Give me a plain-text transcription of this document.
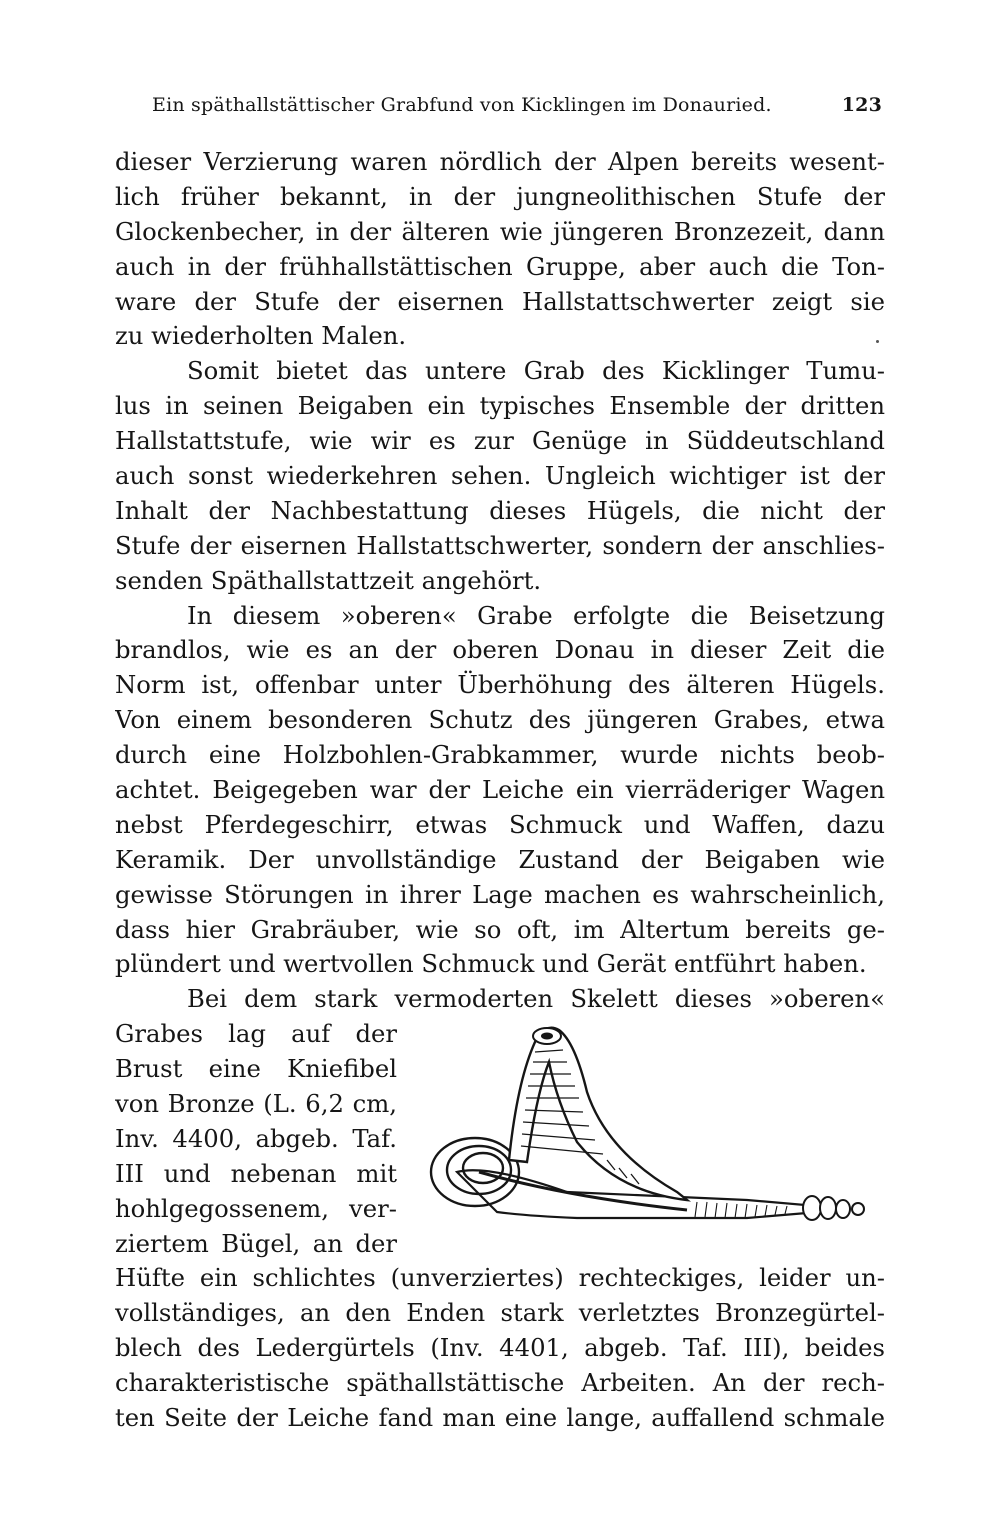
Ein späthallstättischer Grabfund von Kicklingen im Donauried.	123
dieser Verzierung waren nördlich der Alpen bereits wesent-
lich früher bekannt, in der jungneolithischen Stufe der
Glockenbecher, in der älteren wie jüngeren Bronzezeit, dann
auch in der frühhallstättischen Gruppe, aber auch die Ton-
ware der Stufe der eisernen Hallstattschwerter zeigt sie
zu wiederholten Malen.
Somit bietet das untere Grab des Kicklinger Tumu-
lus in seinen Beigaben ein typisches Ensemble der dritten
Hallstattstufe, wie wir es zur Genüge in Süddeutschland
auch sonst wiederkehren sehen. Ungleich wichtiger ist der
Inhalt der Nachbestattung dieses Hügels, die nicht der
Stufe der eisernen Hallstattschwerter, sondern der anschlies-
senden Späthallstattzeit angehört.
In diesem »oberen« Grabe erfolgte die Beisetzung
brandlos, wie es an der oberen Donau in dieser Zeit die
Norm ist, offenbar unter Überhöhung des älteren Hügels.
Von einem besonderen Schutz des jüngeren Grabes, etwa
durch eine Holzbohlen-Grabkammer, wurde nichts beob-
achtet. Beigegeben war der Leiche ein vierräderiger Wagen
nebst Pferdegeschirr, etwas Schmuck und Waffen, dazu
Keramik. Der unvollständige Zustand der Beigaben wie
gewisse Störungen in ihrer Lage machen es wahrscheinlich,
dass hier Grabräuber, wie so oft, im Altertum bereits ge-
plündert und wertvollen Schmuck und Gerät entführt haben.
Bei dem stark vermoderten Skelett dieses »oberen«
Grabes lag auf der
Brust eine Kniefibel
von Bronze (L. 6,2 cm,
Inv. 4400, abgeb. Taf.
III und nebenan mit
hohlgegossenem, ver-
ziertem Bügel, an der
Hüfte ein schlichtes (unverziertes) rechteckiges, leider un-
vollständiges, an den Enden stark verletztes Bronzegürtel-
blech des Ledergürtels (Inv. 4401, abgeb. Taf. III), beides
charakteristische späthallstättische Arbeiten. An der rech-
ten Seite der Leiche fand man eine lange, auffallend schmale
